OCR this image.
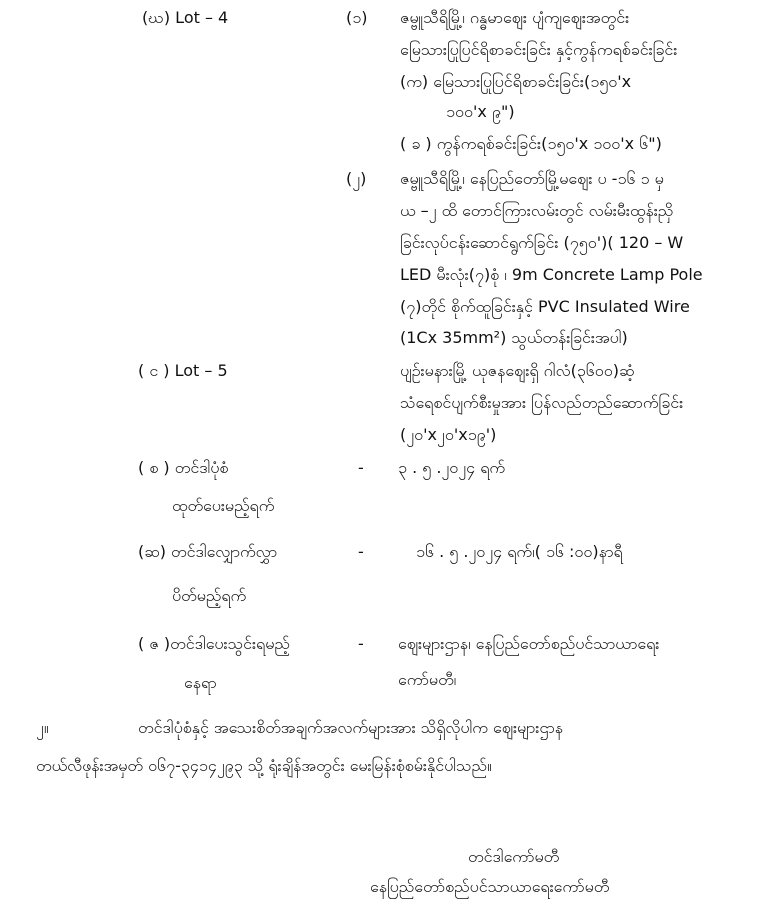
(ဃ) Lot – 4	(၁) ဇမ္ဗူသီရိမြို့၊ ဂန္ဓမာဈေး ပျံကျဈေးအတွင်း
မြေသားပြုပြင်ရိစာခင်းခြင်း နှင့်ကွန်ကရစ်ခင်းခြင်း
(က) မြေသားပြုပြင်ရိစာခင်းခြင်း(၁၅၀'x
၁၀၀'x ၉")
( ခ ) ကွန်ကရစ်ခင်းခြင်း(၁၅၀'x ၁၀၀'x ၆")
(၂) ဇမ္ဗူသီရိမြို့၊ နေပြည်တော်မြို့မဈေး ပ -၁၆ ၁ မှ
ယ –၂ ထိ တောင်ကြားလမ်းတွင် လမ်းမီးထွန်းညှိ
ခြင်းလုပ်ငန်းဆောင်ရွက်ခြင်း (၇၅၀')( 120 – W
LED မီးလုံး(၇)စုံ ၊ 9m Concrete Lamp Pole
(၇)တိုင် စိုက်ထူခြင်းနှင့် PVC Insulated Wire
(1Cx 35mm²) သွယ်တန်းခြင်းအပါ)
( င ) Lot – 5	ပျဉ်းမနားမြို့ ယုဇနဈေးရှိ ဂါလံ(၃၆၀၀)ဆံ့
သံရေစင်ပျက်စီးမှုအား ပြန်လည်တည်ဆောက်ခြင်း
(၂၀'x၂၀'x၁၉')
( စ ) တင်ဒါပုံစံ
ထုတ်ပေးမည့်ရက်
- ၃ . ၅ .၂၀၂၄ ရက်
(ဆ) တင်ဒါလျှောက်လွှာ
ပိတ်မည့်ရက်
-	၁၆ . ၅ .၂၀၂၄ ရက်၊( ၁၆ :၀၀)နာရီ
( ဇ )တင်ဒါပေးသွင်းရမည့်
နေရာ
- ဈေးများဌာန၊ နေပြည်တော်စည်ပင်သာယာရေး
ကော်မတီ၊
၂။	တင်ဒါပုံစံနှင့် အသေးစိတ်အချက်အလက်များအား သိရှိလိုပါက ဈေးများဌာန
တယ်လီဖုန်းအမှတ် ၀၆၇-၃၄၁၄၂၉၃ သို့ ရုံးချိန်အတွင်း မေးမြန်းစုံစမ်းနိုင်ပါသည်။
တင်ဒါကော်မတီ
နေပြည်တော်စည်ပင်သာယာရေးကော်မတီ
